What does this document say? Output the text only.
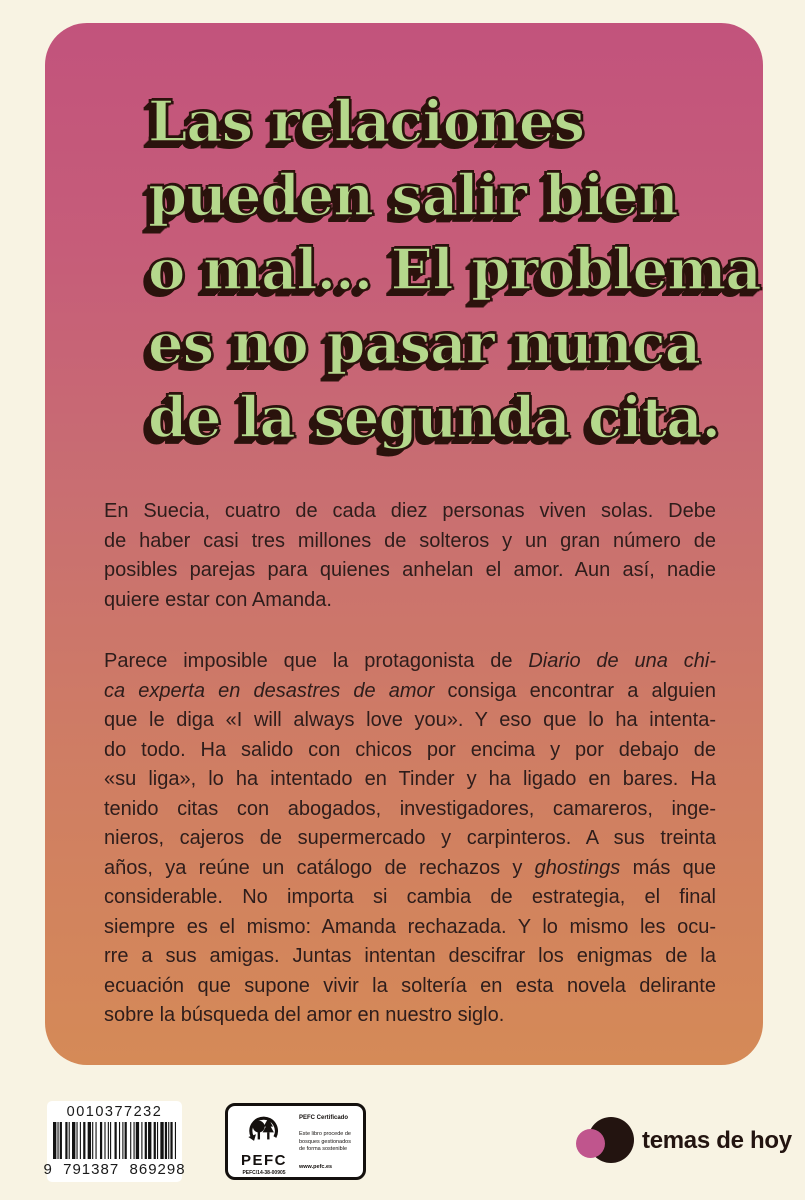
Las relaciones
pueden salir bien
o mal... El problema
es no pasar nunca
de la segunda cita.
En Suecia, cuatro de cada diez personas viven solas. Debe
de haber casi tres millones de solteros y un gran número de
posibles parejas para quienes anhelan el amor. Aun así, nadie
quiere estar con Amanda.
Parece imposible que la protagonista de Diario de una chi-
ca experta en desastres de amor consiga encontrar a alguien
que le diga «I will always love you». Y eso que lo ha intenta-
do todo. Ha salido con chicos por encima y por debajo de
«su liga», lo ha intentado en Tinder y ha ligado en bares. Ha
tenido citas con abogados, investigadores, camareros, inge-
nieros, cajeros de supermercado y carpinteros. A sus treinta
años, ya reúne un catálogo de rechazos y ghostings más que
considerable. No importa si cambia de estrategia, el final
siempre es el mismo: Amanda rechazada. Y lo mismo les ocu-
rre a sus amigas. Juntas intentan descifrar los enigmas de la
ecuación que supone vivir la soltería en esta novela delirante
sobre la búsqueda del amor en nuestro siglo.
0010377232
9  791387  869298
PEFC
PEFC/14-38-00905
PEFC Certificado
Este libro procede de bosques gestionados de forma sostenible
www.pefc.es
temas de hoy
